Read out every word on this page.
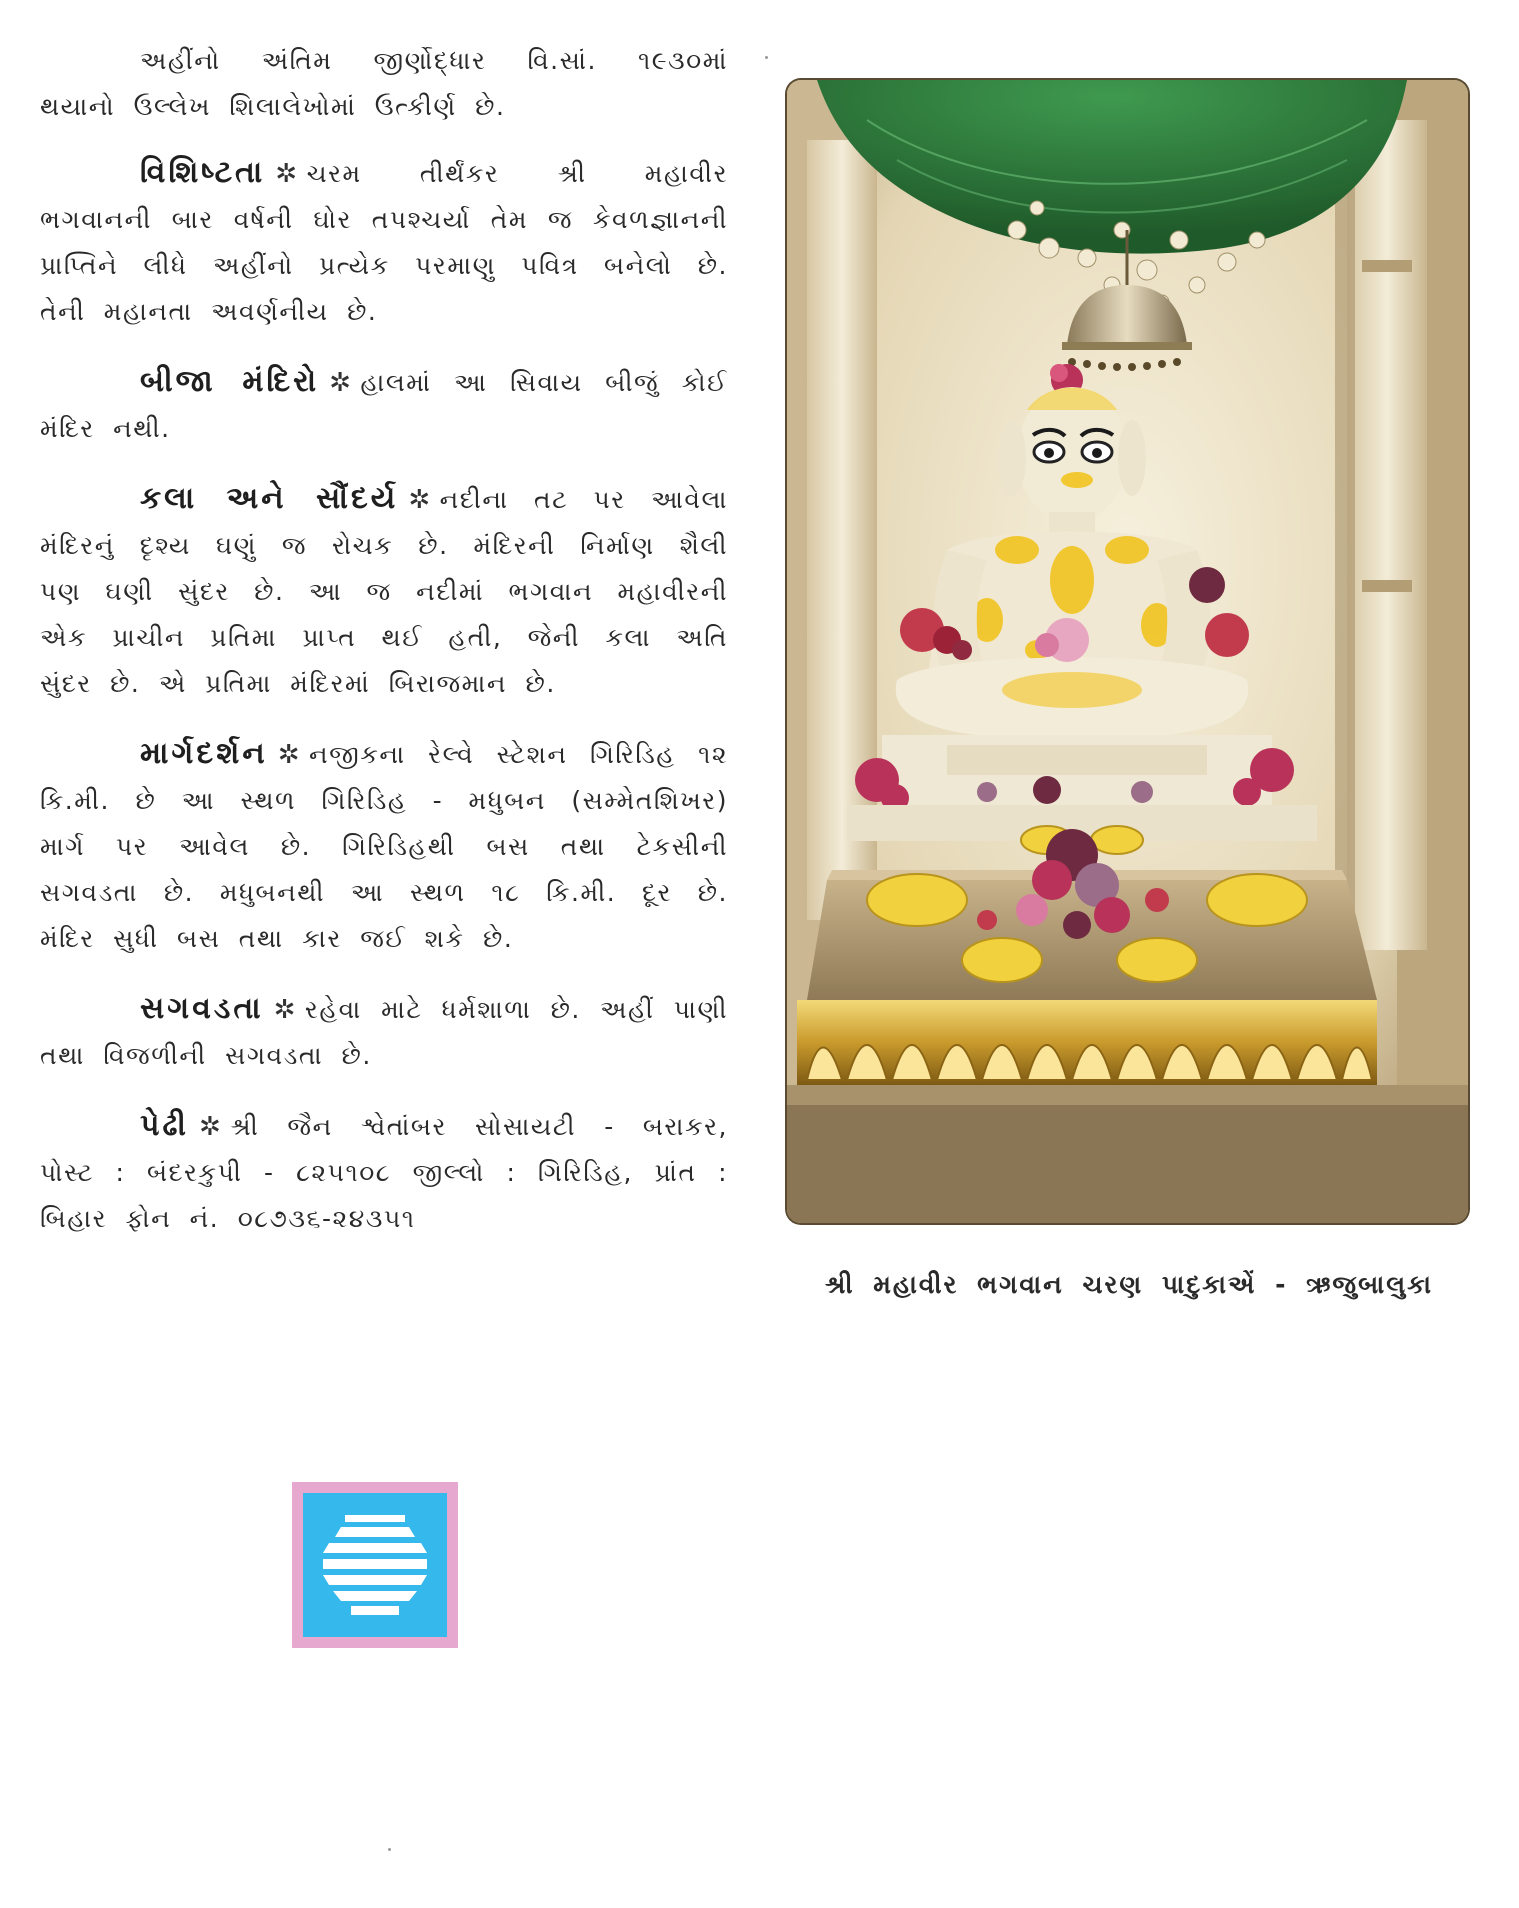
અહીંનો અંતિમ જીર્ણોદ્ધાર વિ.સાં. ૧૯૩૦માં થયાનો ઉલ્લેખ શિલાલેખોમાં ઉત્કીર્ણ છે.

વિશિષ્ટતા ✲ ચરમ તીર્થંકર શ્રી મહાવીર ભગવાનની બાર વર્ષની ઘોર તપશ્ચર્યા તેમ જ કેવળજ્ઞાનની પ્રાપ્તિને લીધે અહીંનો પ્રત્યેક પરમાણુ પવિત્ર બનેલો છે. તેની મહાનતા અવર્ણનીય છે.

બીજા મંદિરો ✲ હાલમાં આ સિવાય બીજું કોઈ મંદિર નથી.

કલા અને સૌંદર્ય ✲ નદીના તટ પર આવેલા મંદિરનું દૃશ્ય ઘણું જ રોચક છે. મંદિરની નિર્માણ શૈલી પણ ઘણી સુંદર છે. આ જ નદીમાં ભગવાન મહાવીરની એક પ્રાચીન પ્રતિમા પ્રાપ્ત થઈ હતી, જેની કલા અતિ સુંદર છે. એ પ્રતિમા મંદિરમાં બિરાજમાન છે.

માર્ગદર્શન ✲ નજીકના રેલ્વે સ્ટેશન ગિરિડિહ ૧૨ કિ.મી. છે આ સ્થળ ગિરિડિહ - મધુબન (સમ્મેતશિખર) માર્ગ પર આવેલ છે. ગિરિડિહથી બસ તથા ટેકસીની સગવડતા છે. મધુબનથી આ સ્થળ ૧૮ કિ.મી. દૂર છે. મંદિર સુધી બસ તથા કાર જઈ શકે છે.

સગવડતા ✲ રહેવા માટે ધર્મશાળા છે. અહીં પાણી તથા વિજળીની સગવડતા છે.

પેઢી ✲ શ્રી જૈન શ્વેતાંબર સોસાયટી - બરાકર, પોસ્ટ : બંદરકુપી - ૮૨૫૧૦૮ જીલ્લો : ગિરિડિહ, પ્રાંત : બિહાર ફોન નં. ૦૮૭૩૬-૨૪૩૫૧

શ્રી મહાવીર ભગવાન ચરણ પાદુકાએં - ઋજુબાલુકા
